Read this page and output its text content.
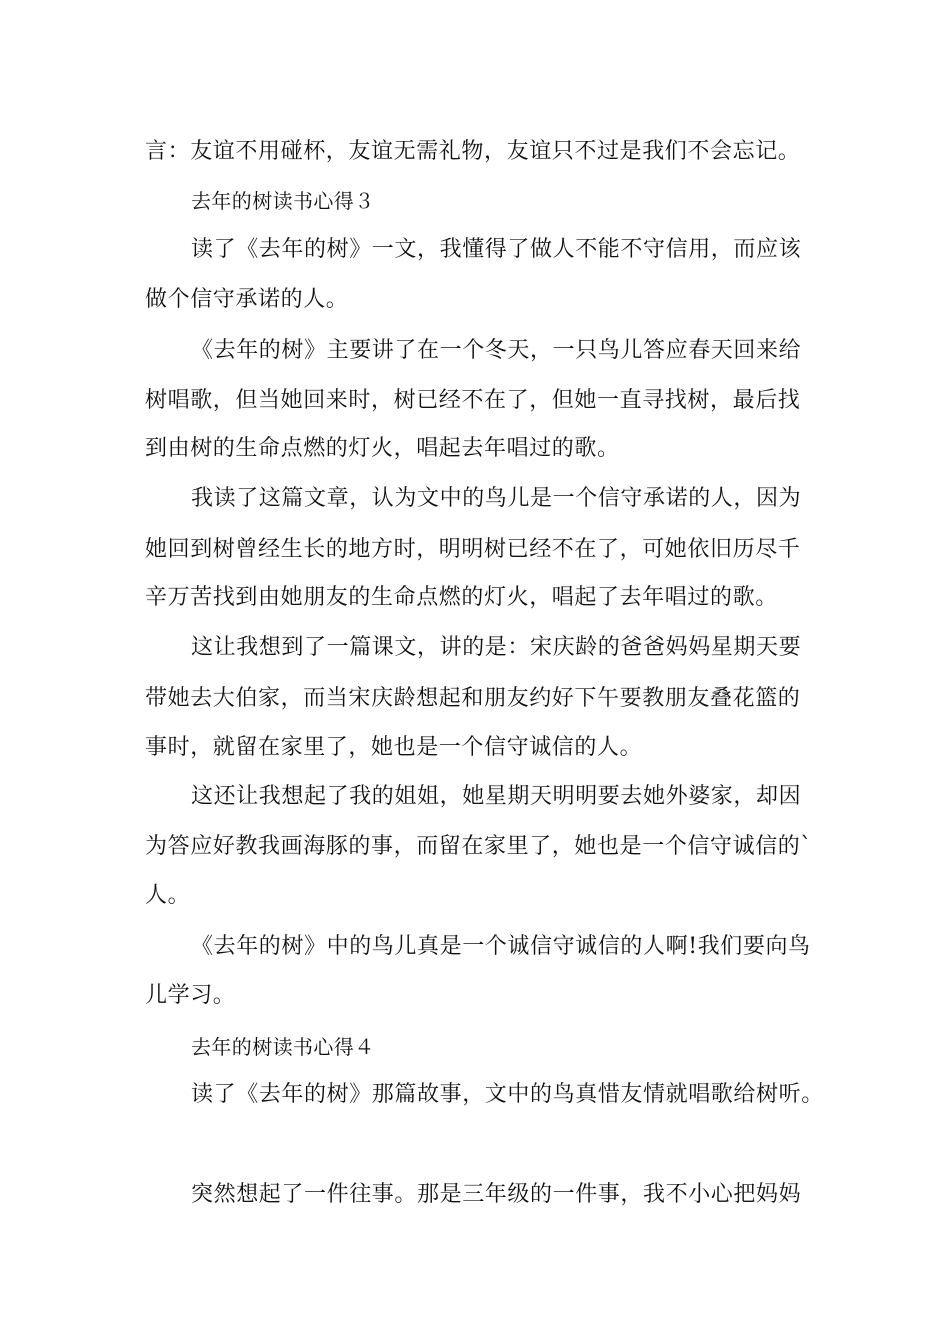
言：友谊不用碰杯，友谊无需礼物，友谊只不过是我们不会忘记。
去年的树读书心得３
读了《去年的树》一文，我懂得了做人不能不守信用，而应该
做个信守承诺的人。
《去年的树》主要讲了在一个冬天，一只鸟儿答应春天回来给
树唱歌，但当她回来时，树已经不在了，但她一直寻找树，最后找
到由树的生命点燃的灯火，唱起去年唱过的歌。
我读了这篇文章，认为文中的鸟儿是一个信守承诺的人，因为
她回到树曾经生长的地方时，明明树已经不在了，可她依旧历尽千
辛万苦找到由她朋友的生命点燃的灯火，唱起了去年唱过的歌。
这让我想到了一篇课文，讲的是：宋庆龄的爸爸妈妈星期天要
带她去大伯家，而当宋庆龄想起和朋友约好下午要教朋友叠花篮的
事时，就留在家里了，她也是一个信守诚信的人。
这还让我想起了我的姐姐，她星期天明明要去她外婆家，却因
为答应好教我画海豚的事，而留在家里了，她也是一个信守诚信的`
人。
《去年的树》中的鸟儿真是一个诚信守诚信的人啊!我们要向鸟
儿学习。
去年的树读书心得４
读了《去年的树》那篇故事，文中的鸟真惜友情就唱歌给树听。
突然想起了一件往事。那是三年级的一件事，我不小心把妈妈
